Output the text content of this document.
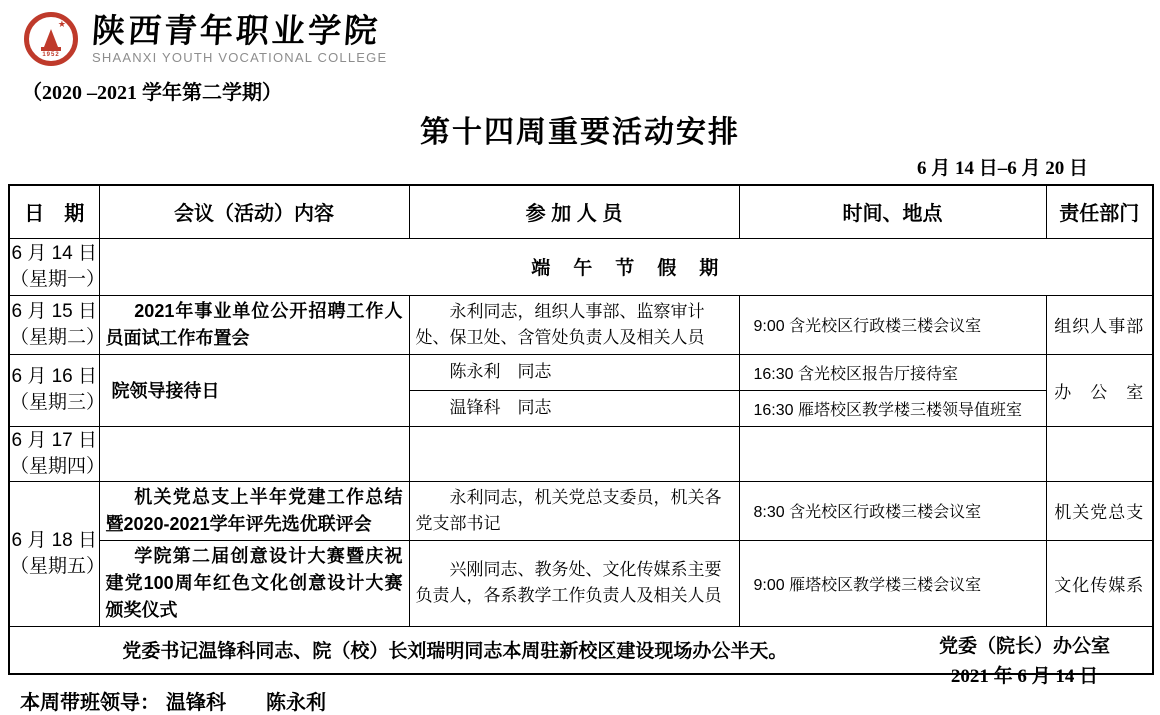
★
1952
陕西青年职业学院
SHAANXI YOUTH VOCATIONAL COLLEGE
（2020 –2021 学年第二学期）
第十四周重要活动安排
6 月 14 日–6 月 20 日
日　期	会议（活动）内容	参 加 人 员	时间、地点	责任部门

6 月 14 日
（星期一）	端　午　节　假　期			

6 月 15 日
（星期二）	2021年事业单位公开招聘工作人员面试工作布置会	永利同志，组织人事部、监察审计处、保卫处、含管处负责人及相关人员	9:00 含光校区行政楼三楼会议室	组织人事部

6 月 16 日
（星期三）	院领导接待日	陈永利　同志	16:30 含光校区报告厅接待室	办　公　室
		温锋科　同志	16:30 雁塔校区教学楼三楼领导值班室	

6 月 17 日
（星期四）				

6 月 18 日
（星期五）	机关党总支上半年党建工作总结暨2020-2021学年评先选优联评会	永利同志，机关党总支委员，机关各党支部书记	8:30 含光校区行政楼三楼会议室	机关党总支
	学院第二届创意设计大赛暨庆祝建党100周年红色文化创意设计大赛颁奖仪式	兴刚同志、教务处、文化传媒系主要负责人，各系教学工作负责人及相关人员	9:00 雁塔校区教学楼三楼会议室	文化传媒系
党委书记温锋科同志、院（校）长刘瑞明同志本周驻新校区建设现场办公半天。				
本周带班领导： 温锋科　　陈永利
党委（院长）办公室
2021 年 6 月 14 日
